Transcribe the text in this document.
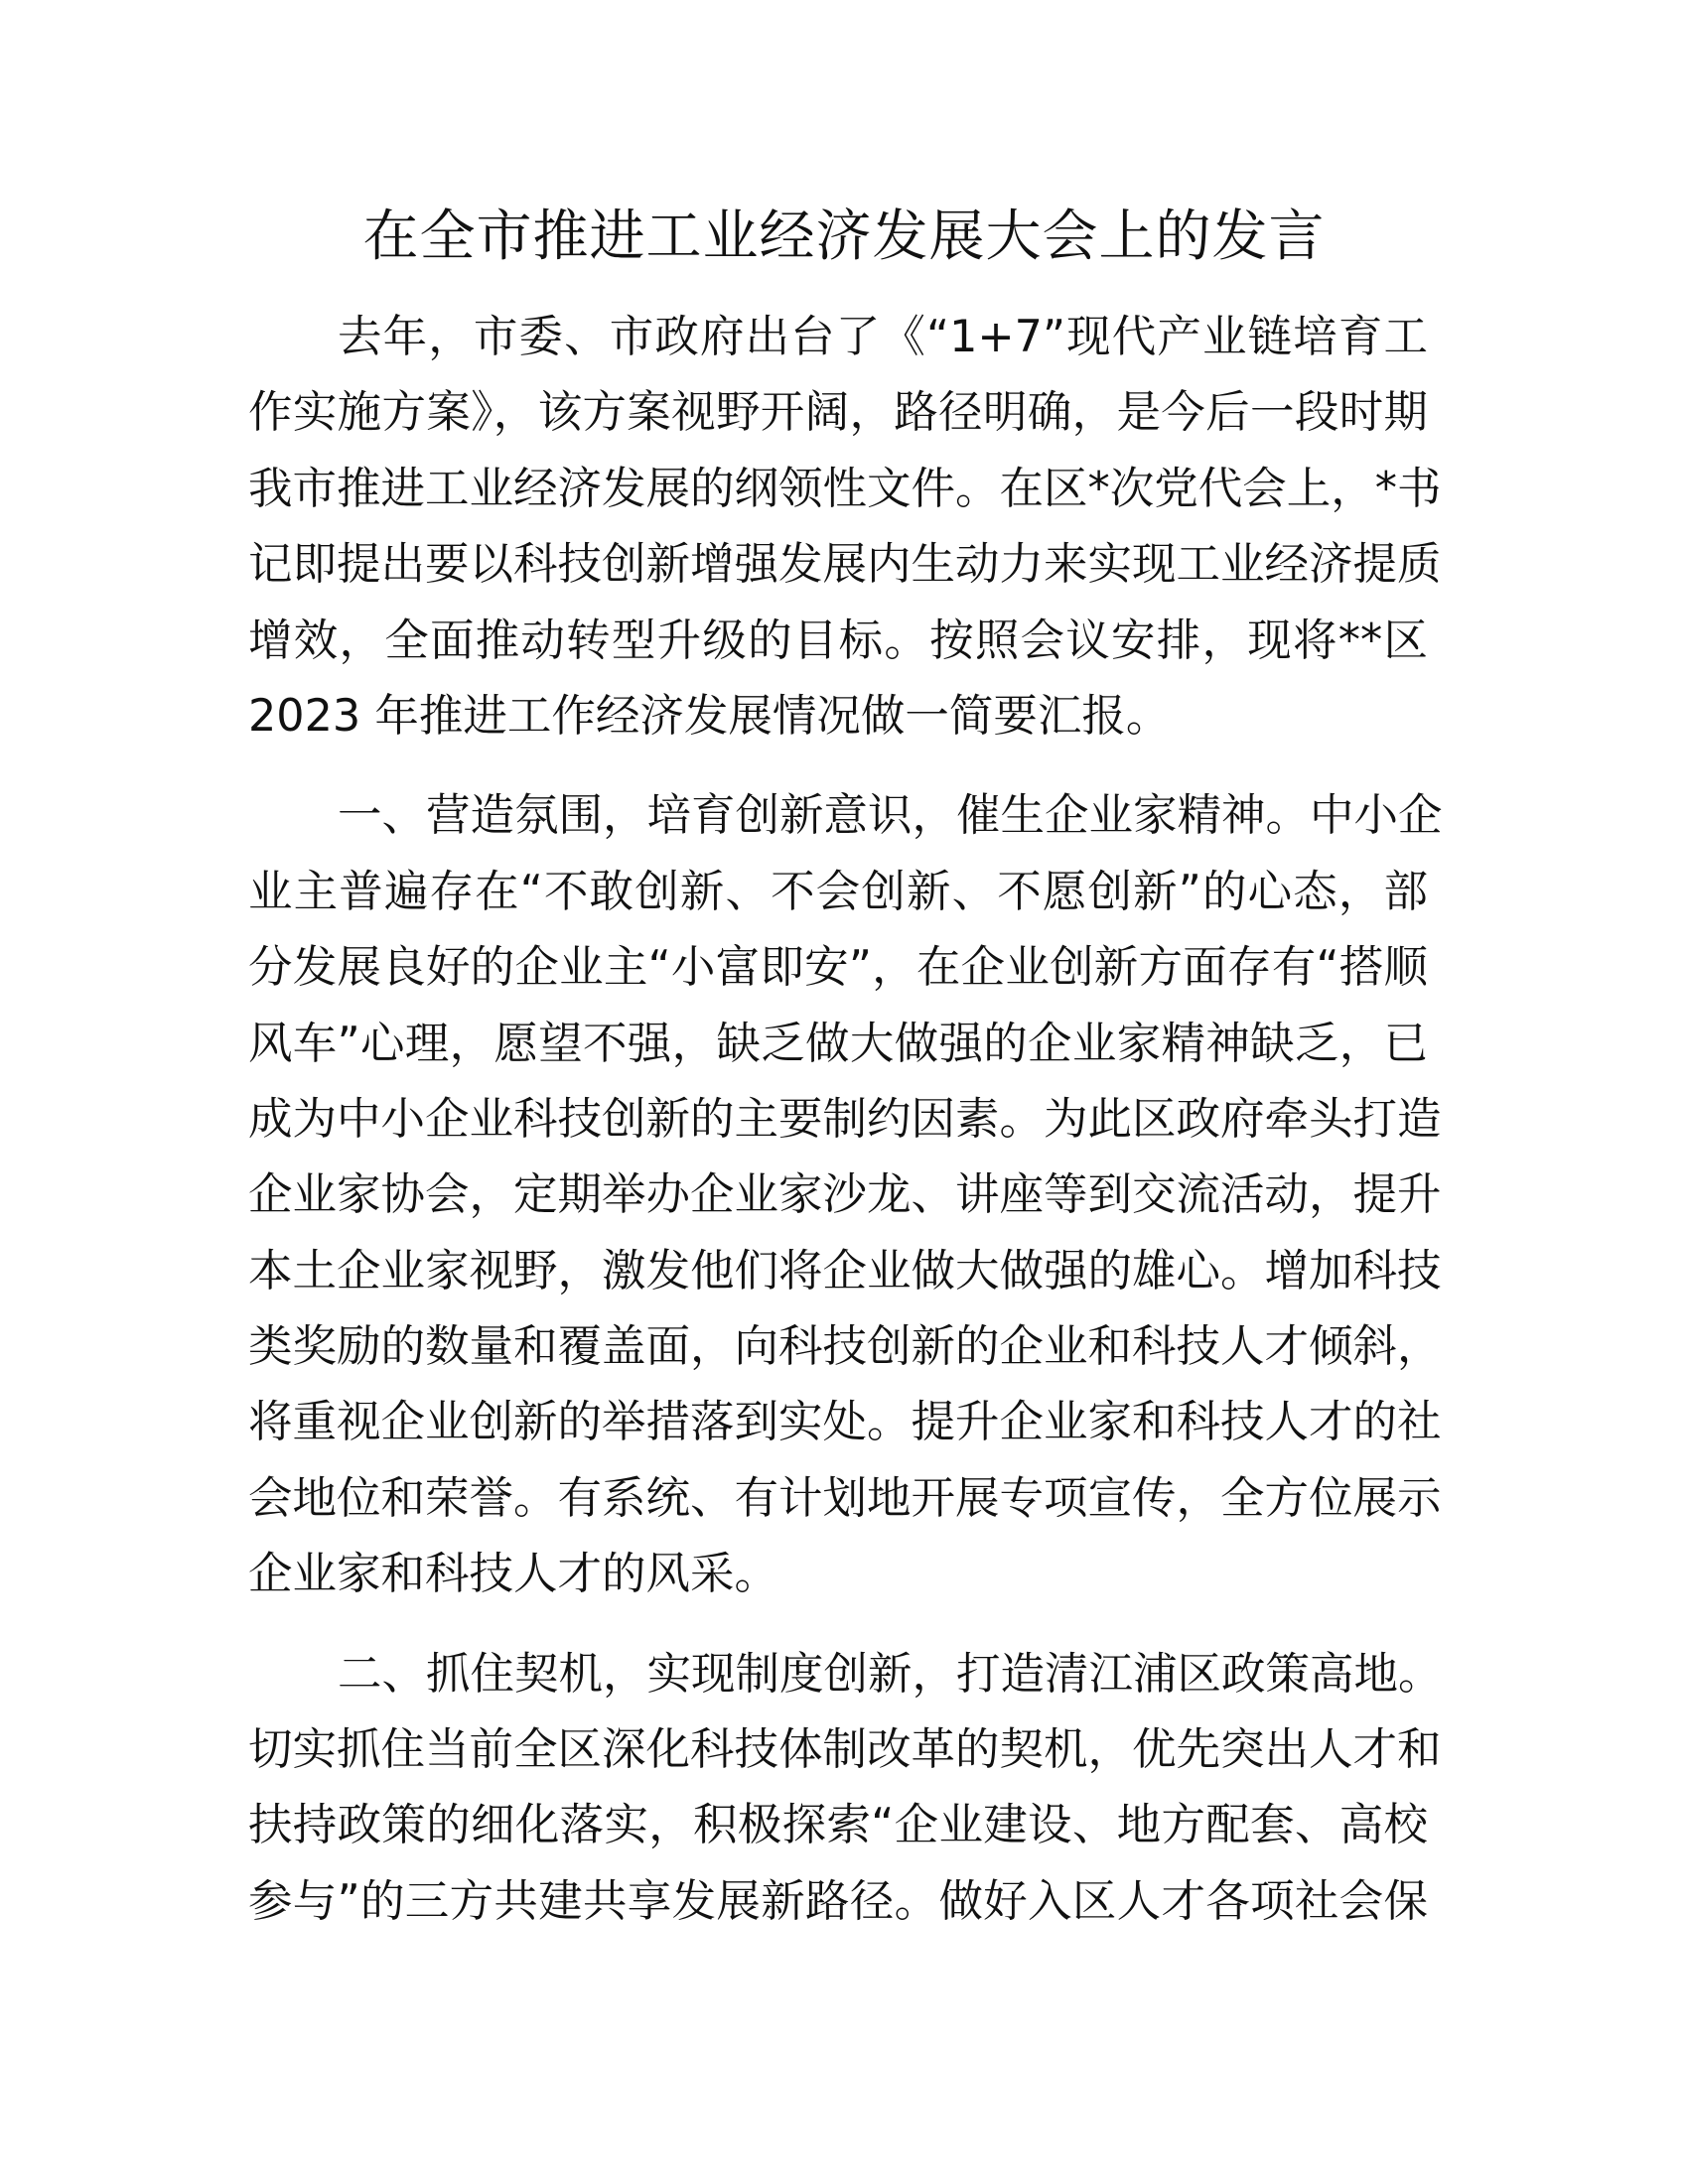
在全市推进工业经济发展大会上的发言
去年，市委、市政府出台了《“1+7”现代产业链培育工
作实施方案》，该方案视野开阔，路径明确，是今后一段时期
我市推进工业经济发展的纲领性文件。在区*次党代会上，*书
记即提出要以科技创新增强发展内生动力来实现工业经济提质
增效，全面推动转型升级的目标。按照会议安排，现将**区
2023 年推进工作经济发展情况做一简要汇报。
一、营造氛围，培育创新意识，催生企业家精神。中小企
业主普遍存在“不敢创新、不会创新、不愿创新”的心态，部
分发展良好的企业主“小富即安”，在企业创新方面存有“搭顺
风车”心理，愿望不强，缺乏做大做强的企业家精神缺乏，已
成为中小企业科技创新的主要制约因素。为此区政府牵头打造
企业家协会，定期举办企业家沙龙、讲座等到交流活动，提升
本土企业家视野，激发他们将企业做大做强的雄心。增加科技
类奖励的数量和覆盖面，向科技创新的企业和科技人才倾斜，
将重视企业创新的举措落到实处。提升企业家和科技人才的社
会地位和荣誉。有系统、有计划地开展专项宣传，全方位展示
企业家和科技人才的风采。
二、抓住契机，实现制度创新，打造清江浦区政策高地。
切实抓住当前全区深化科技体制改革的契机，优先突出人才和
扶持政策的细化落实，积极探索“企业建设、地方配套、高校
参与”的三方共建共享发展新路径。做好入区人才各项社会保
